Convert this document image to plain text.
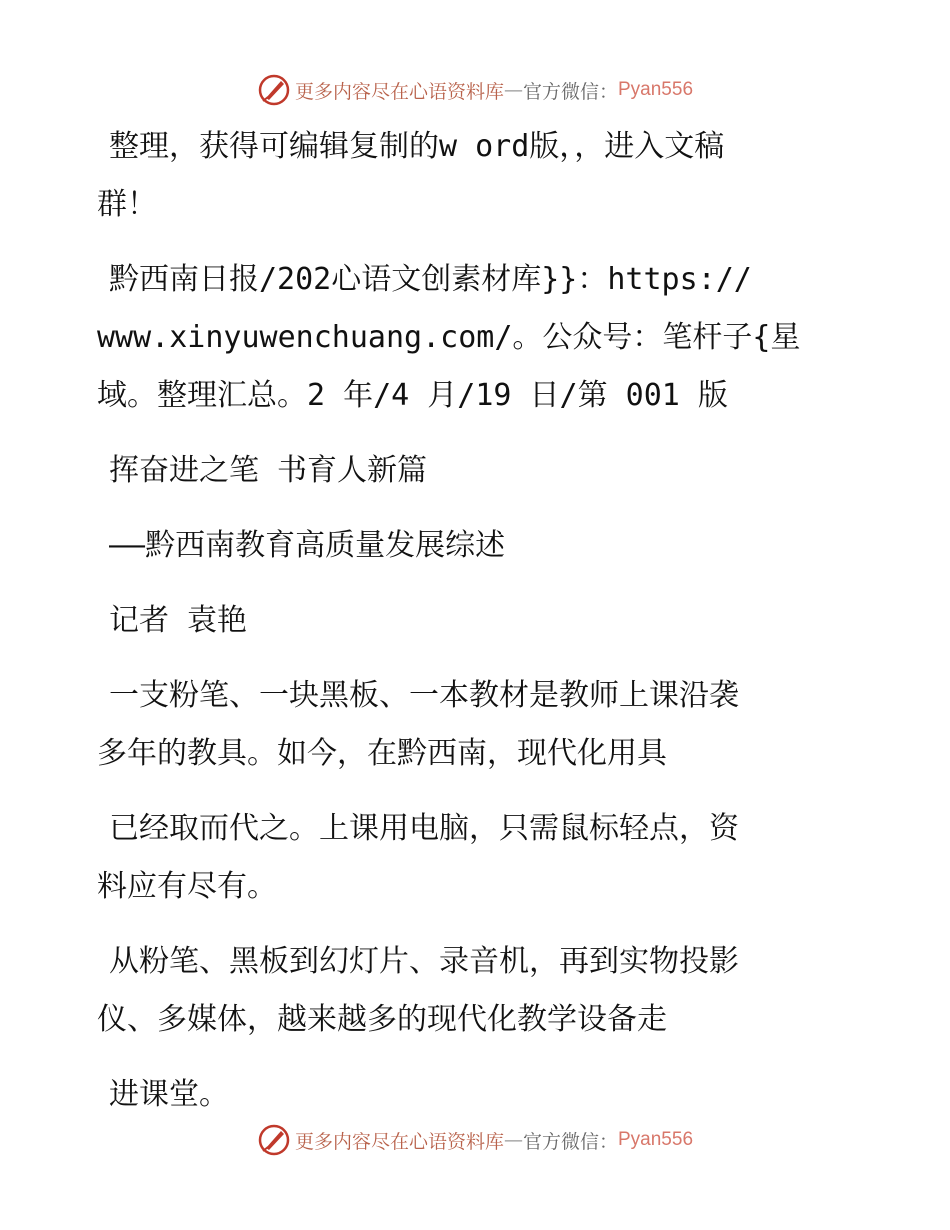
更多内容尽在心语资料库 — 官方微信： Pyan556
整理，获得可编辑复制的w ord版，，进入文稿
群！
黔西南日报/202心语文创素材库}}：https://
www.xinyuwenchuang.com/。公众号：笔杆子{星
域。整理汇总。2 年/4 月/19 日/第 001 版
挥奋进之笔 书育人新篇
——黔西南教育高质量发展综述
记者 袁艳
一支粉笔、一块黑板、一本教材是教师上课沿袭
多年的教具。如今，在黔西南，现代化用具
已经取而代之。上课用电脑，只需鼠标轻点，资
料应有尽有。
从粉笔、黑板到幻灯片、录音机，再到实物投影
仪、多媒体，越来越多的现代化教学设备走
进课堂。
更多内容尽在心语资料库 — 官方微信： Pyan556
